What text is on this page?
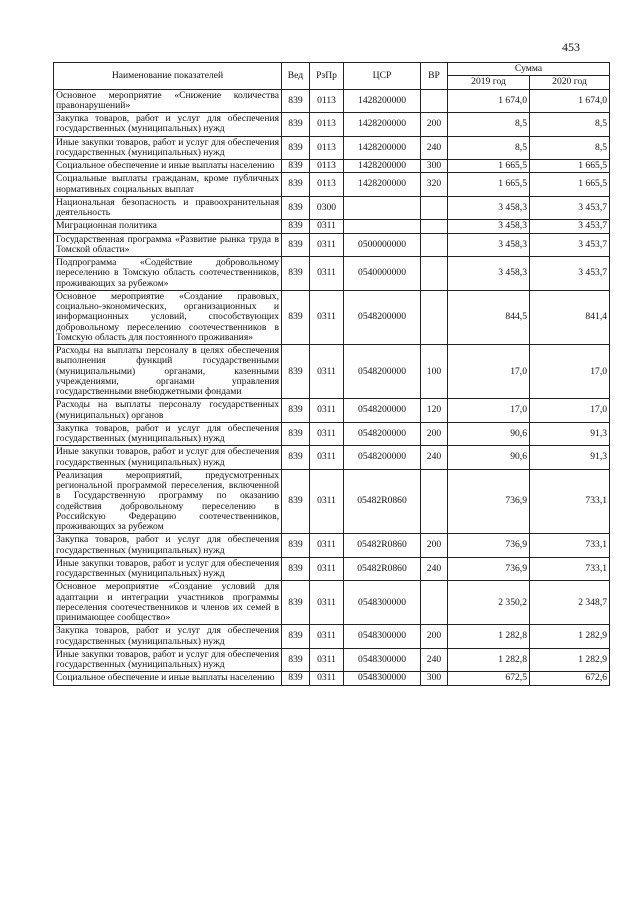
453
Наименование показателей	Вед	РзПр	ЦСР	ВР	Сумма	
					2019 год	2020 год
Основное мероприятие «Снижение количества правонарушений»	839	0113	1428200000		1 674,0	1 674,0
Закупка товаров, работ и услуг для обеспечения государственных (муниципальных) нужд	839	0113	1428200000	200	8,5	8,5
Иные закупки товаров, работ и услуг для обеспечения государственных (муниципальных) нужд	839	0113	1428200000	240	8,5	8,5
Социальное обеспечение и иные выплаты населению	839	0113	1428200000	300	1 665,5	1 665,5
Социальные выплаты гражданам, кроме публичных нормативных социальных выплат	839	0113	1428200000	320	1 665,5	1 665,5
Национальная безопасность и правоохранительная деятельность	839	0300			3 458,3	3 453,7
Миграционная политика	839	0311			3 458,3	3 453,7
Государственная программа «Развитие рынка труда в Томской области»	839	0311	0500000000		3 458,3	3 453,7
Подпрограмма «Содействие добровольному переселению в Томскую область соотечественников, проживающих за рубежом»	839	0311	0540000000		3 458,3	3 453,7
Основное мероприятие «Создание правовых, социально-экономических, организационных и информационных условий, способствующих добровольному переселению соотечественников в Томскую область для постоянного проживания»	839	0311	0548200000		844,5	841,4
Расходы на выплаты персоналу в целях обеспечения выполнения функций государственными (муниципальными) органами, казенными учреждениями, органами управления государственными внебюджетными фондами	839	0311	0548200000	100	17,0	17,0
Расходы на выплаты персоналу государственных (муниципальных) органов	839	0311	0548200000	120	17,0	17,0
Закупка товаров, работ и услуг для обеспечения государственных (муниципальных) нужд	839	0311	0548200000	200	90,6	91,3
Иные закупки товаров, работ и услуг для обеспечения государственных (муниципальных) нужд	839	0311	0548200000	240	90,6	91,3
Реализация мероприятий, предусмотренных региональной программой переселения, включенной в Государственную программу по оказанию содействия добровольному переселению в Российскую Федерацию соотечественников, проживающих за рубежом	839	0311	05482R0860		736,9	733,1
Закупка товаров, работ и услуг для обеспечения государственных (муниципальных) нужд	839	0311	05482R0860	200	736,9	733,1
Иные закупки товаров, работ и услуг для обеспечения государственных (муниципальных) нужд	839	0311	05482R0860	240	736,9	733,1
Основное мероприятие «Создание условий для адаптации и интеграции участников программы переселения соотечественников и членов их семей в принимающее сообщество»	839	0311	0548300000		2 350,2	2 348,7
Закупка товаров, работ и услуг для обеспечения государственных (муниципальных) нужд	839	0311	0548300000	200	1 282,8	1 282,9
Иные закупки товаров, работ и услуг для обеспечения государственных (муниципальных) нужд	839	0311	0548300000	240	1 282,8	1 282,9
Социальное обеспечение и иные выплаты населению	839	0311	0548300000	300	672,5	672,6
